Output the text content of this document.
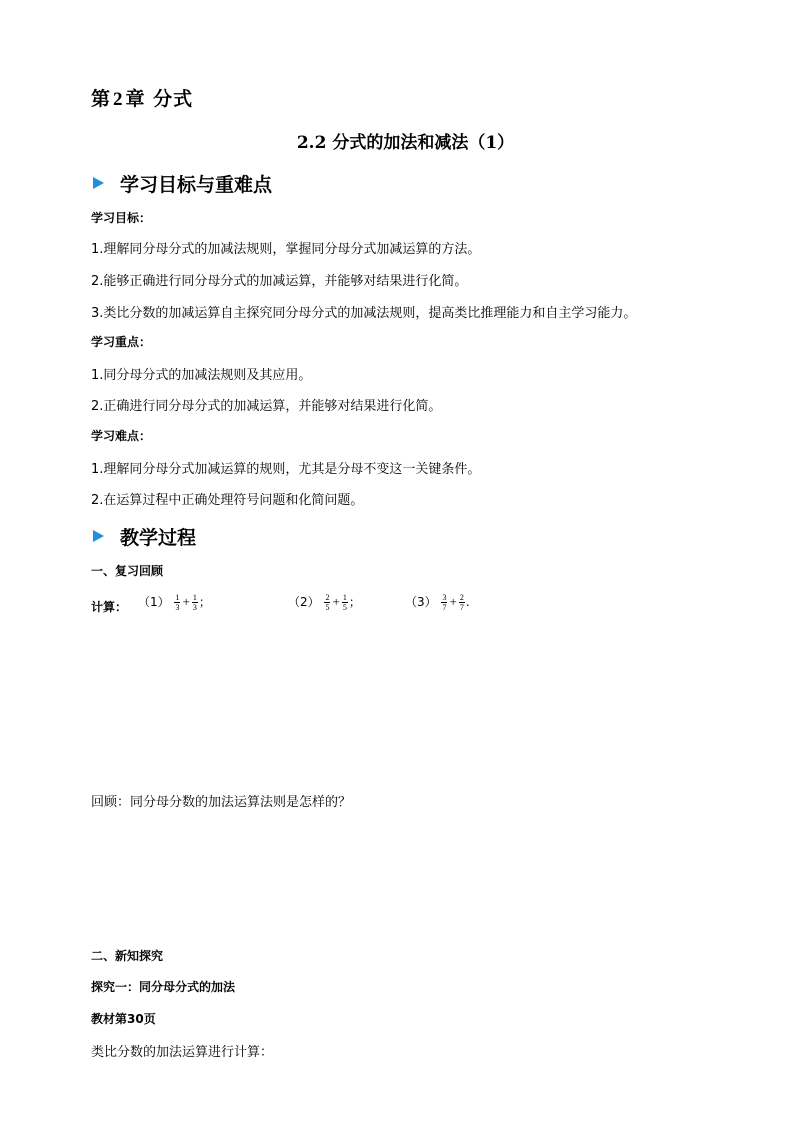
第 2 章 分式
2.2 分式的加法和减法（1）
学习目标与重难点
学习目标：
1.理解同分母分式的加减法规则，掌握同分母分式加减运算的方法。
2.能够正确进行同分母分式的加减运算，并能够对结果进行化简。
3.类比分数的加减运算自主探究同分母分式的加减法规则，提高类比推理能力和自主学习能力。
学习重点：
1.同分母分式的加减法规则及其应用。
2.正确进行同分母分式的加减运算，并能够对结果进行化简。
学习难点：
1.理解同分母分式加减运算的规则，尤其是分母不变这一关键条件。
2.在运算过程中正确处理符号问题和化简问题。
教学过程
一、复习回顾
计算： $(1) \frac{1}{3} + \frac{1}{3}$ ；	$(2) \frac{2}{5} + \frac{1}{5}$ ；	$(3) \frac{3}{7} + \frac{2}{7}$ .
回顾：同分母分数的加法运算法则是怎样的？
二、新知探究
探究一：同分母分式的加法
教材第30页
类比分数的加法运算进行计算：
